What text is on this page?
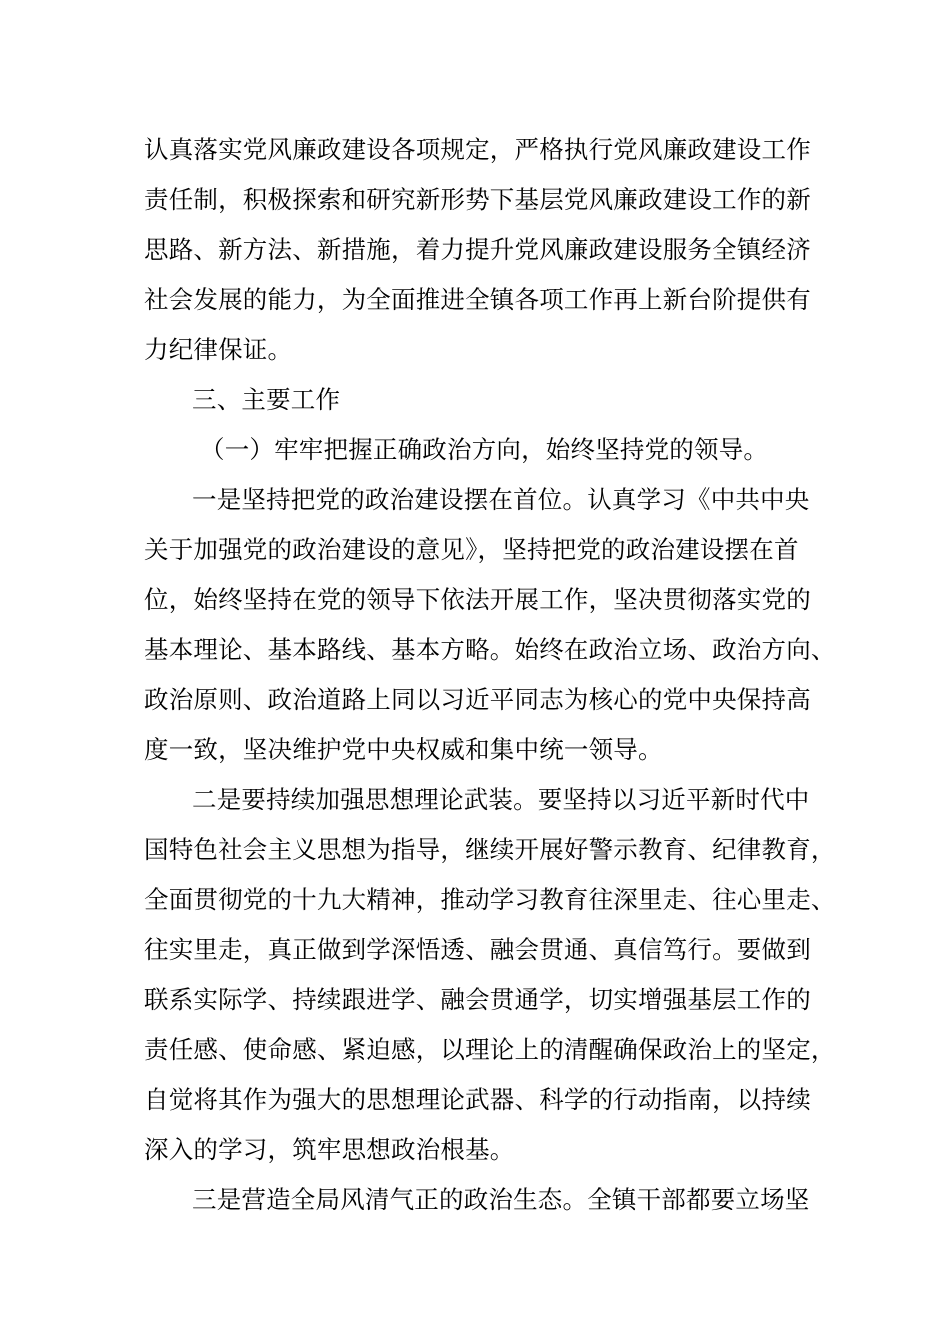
认真落实党风廉政建设各项规定，严格执行党风廉政建设工作
责任制，积极探索和研究新形势下基层党风廉政建设工作的新
思路、新方法、新措施，着力提升党风廉政建设服务全镇经济
社会发展的能力，为全面推进全镇各项工作再上新台阶提供有
力纪律保证。
三、主要工作
（一）牢牢把握正确政治方向，始终坚持党的领导。
一是坚持把党的政治建设摆在首位。认真学习《中共中央
关于加强党的政治建设的意见》，坚持把党的政治建设摆在首
位，始终坚持在党的领导下依法开展工作，坚决贯彻落实党的
基本理论、基本路线、基本方略。始终在政治立场、政治方向、
政治原则、政治道路上同以习近平同志为核心的党中央保持高
度一致，坚决维护党中央权威和集中统一领导。
二是要持续加强思想理论武装。要坚持以习近平新时代中
国特色社会主义思想为指导，继续开展好警示教育、纪律教育，
全面贯彻党的十九大精神，推动学习教育往深里走、往心里走、
往实里走，真正做到学深悟透、融会贯通、真信笃行。要做到
联系实际学、持续跟进学、融会贯通学，切实增强基层工作的
责任感、使命感、紧迫感，以理论上的清醒确保政治上的坚定，
自觉将其作为强大的思想理论武器、科学的行动指南，以持续
深入的学习，筑牢思想政治根基。
三是营造全局风清气正的政治生态。全镇干部都要立场坚
